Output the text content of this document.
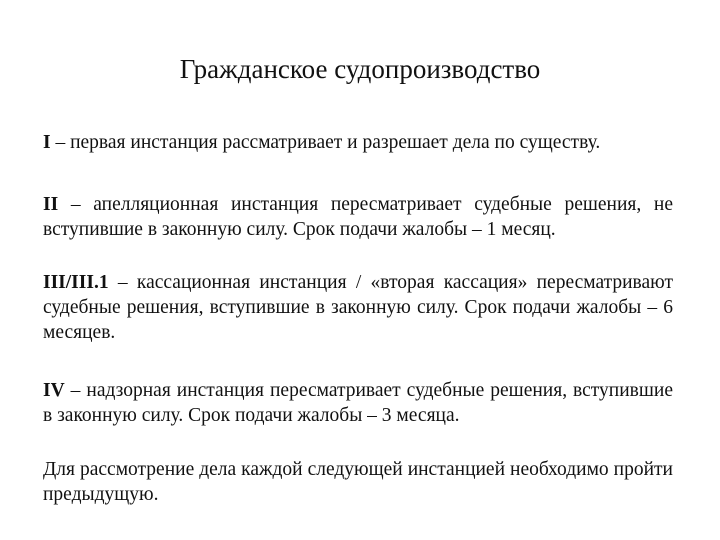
Гражданское судопроизводство
I – первая инстанция рассматривает и разрешает дела по существу.
II – апелляционная инстанция пересматривает судебные решения, не вступившие в законную силу. Срок подачи жалобы – 1 месяц.
III/III.1 – кассационная инстанция / «вторая кассация» пересматривают судебные решения, вступившие в законную силу. Срок подачи жалобы – 6 месяцев.
IV – надзорная инстанция пересматривает судебные решения, вступившие в законную силу. Срок подачи жалобы – 3 месяца.
Для рассмотрение дела каждой следующей инстанцией необходимо пройти предыдущую.
